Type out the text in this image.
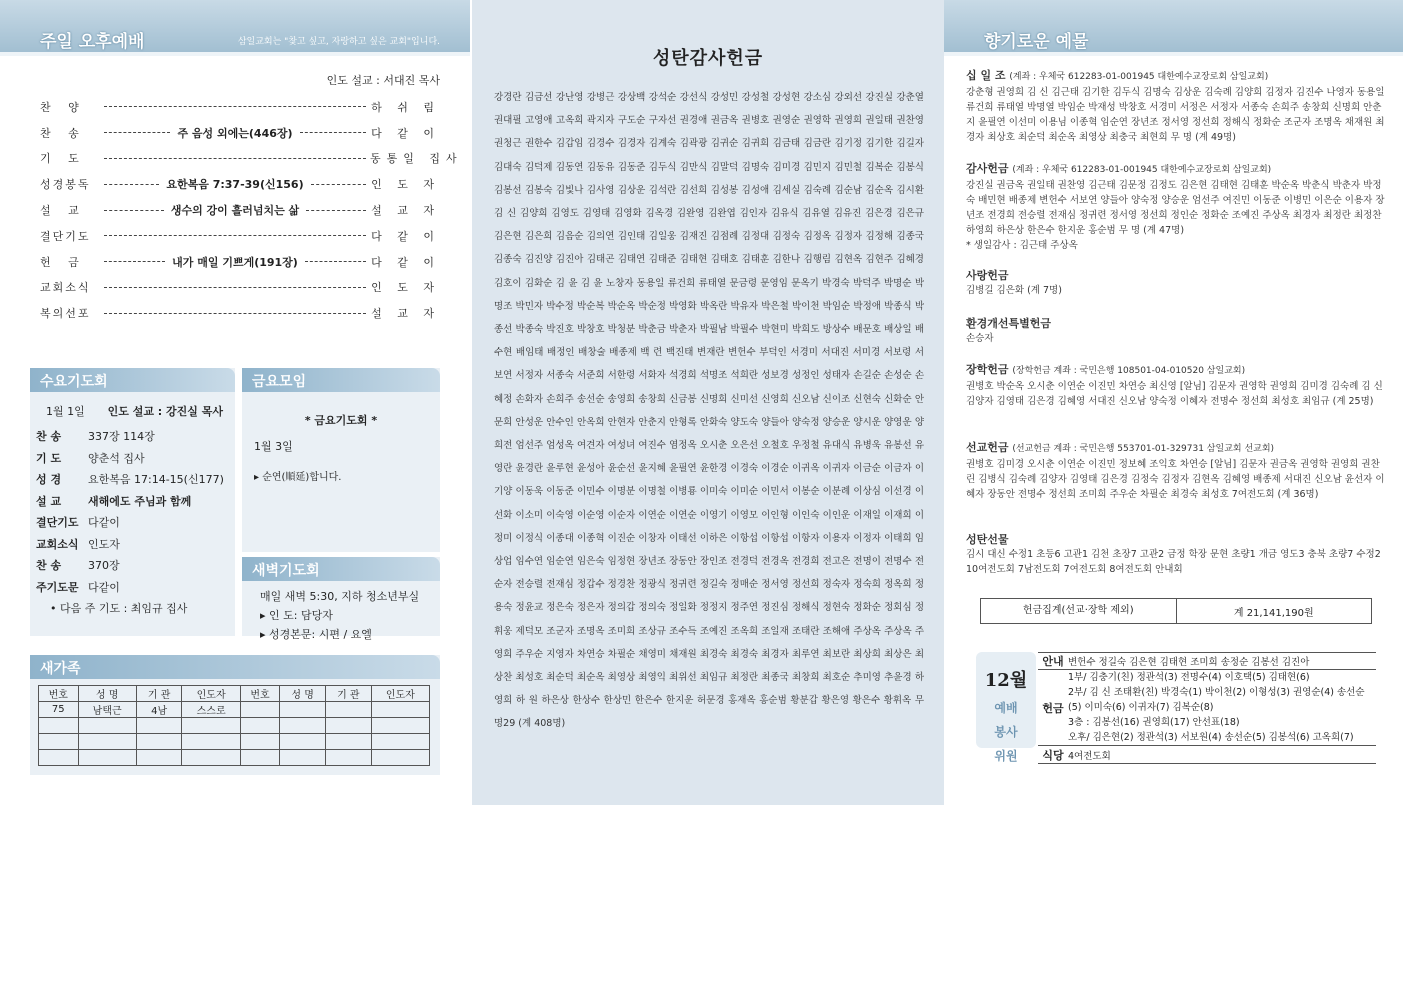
주일 오후예배	삼일교회는 "찾고 싶고, 자랑하고 싶은 교회"입니다.
인도 설교 : 서대진 목사
찬 양	하 쉬 림
찬 송	주 음성 외에는(446장)	다 같 이
기 도	동통일 집사
성경봉독	요한복음 7:37-39(신156)	인 도 자
설 교	생수의 강이 흘러넘치는 삶	설 교 자
결단기도	다 같 이
헌 금	내가 매일 기쁘게(191장)	다 같 이
교회소식	인 도 자
복의선포	설 교 자
수요기도회
1월 1일 인도 설교 : 강진실 목사
찬 송	337장 114장
기 도	양춘석 집사
성 경	요한복음 17:14-15(신177)
설 교	새해에도 주님과 함께
결단기도 다같이
교회소식 인도자
찬 송	370장
주기도문 다같이
• 다음 주 기도 : 최임규 집사
금요모임
* 금요기도회 *
1월 3일
▸ 순연(順延)합니다.
새벽기도회
매일 새벽 5:30, 지하 청소년부실
▸ 인 도: 담당자
▸ 성경본문: 시편 / 요엘
새가족
번호	성 명	기 관	인도자	번호	성 명	기 관	인도자
75	남택근	4남	스스로				

성탄감사헌금
강경란 김금선 강난영 강병근 강상백 강석순 강선식 강성민 강성철 강성현 강소심 강외선 강진실 강춘열 권대필 고영애 고옥희 곽지자 구도순 구자선 권경애 권금옥 권병호 권영순 권영학 권영희 권일태 권찬영 권청근 권한수 김갑임 김경수 김경자 김계숙 김곽광 김귀순 김귀희 김금태 김금란 김기정 김기한 김길자 김대숙 김덕제 김동연 김동유 김동준 김두식 김만식 김말덕 김명숙 김미경 김민지 김민철 김복순 김봉식 김봉선 김봉숙 김빛나 김사영 김상운 김석란 김선희 김성봉 김성애 김세실 김숙례 김순남 김순옥 김시환 김 신 김양희 김영도 김영태 김영화 김옥경 김완영 김완엽 김인자 김유식 김유열 김유진 김은경 김은규 김은현 김은희 김음순 김의연 김인태 김일웅 김재진 김점례 김정대 김정숙 김정옥 김정자 김정해 김종국 김종숙 김진양 김진아 김태곤 김태연 김태준 김태현 김태호 김태훈 김한나 김행림 김현옥 김현주 김혜경 김호이 김화순 김 윤 김 윤 노창자 동용일 류건희 류태열 문금령 문영임 문옥기 박경숙 박덕주 박명순 박명조 박민자 박수정 박순복 박순옥 박순정 박영화 박옥란 박유자 박은철 박이천 박임순 박정애 박종식 박종선 박종숙 박진호 박창호 박청분 박춘금 박춘자 박필남 박필수 박현미 박희도 방상수 배문호 배상일 배수현 배임태 배정인 배창술 배종제 백 련 백진태 변재란 변헌수 부덕인 서경미 서대진 서미경 서보령 서보연 서정자 서종숙 서준희 서한령 서화자 석경희 석명조 석희란 성보경 성정인 성태자 손길순 손성순 손혜정 손화자 손희주 송선순 송영희 송창희 신금봉 신명희 신미선 신영희 신오남 신이조 신현숙 신화순 안문희 안성운 안수인 안옥희 안현자 안춘지 안형록 안화숙 양도숙 양들아 양숙정 양승운 양시운 양영운 양희전 엄선주 엄성옥 여견자 여성녀 여진수 염정옥 오시춘 오은선 오철호 우정철 유대식 유병욱 유봉선 유영란 윤경란 윤루현 윤성아 윤순선 윤지혜 윤필연 윤한경 이경숙 이경순 이귀옥 이귀자 이금순 이금자 이기양 이동욱 이동준 이민수 이명분 이명철 이병룡 이미숙 이미순 이민서 이봉순 이분례 이상심 이선경 이선화 이소미 이숙영 이순영 이순자 이연순 이연순 이영기 이영모 이인형 이인숙 이인운 이재일 이재희 이정미 이정식 이종대 이종혁 이진순 이창자 이태선 이하은 이항섭 이항섭 이항자 이용자 이정자 이태희 임상업 임수연 임순연 임은숙 임정현 장년조 장동안 장인조 전경덕 전경옥 전경희 전고은 전명이 전명수 전순자 전승렬 전재심 정갑수 정경찬 정광식 정귀련 정길숙 정매순 정서영 정선희 정숙자 정숙희 정옥희 정용숙 정윤교 정은숙 정은자 정의갑 정의숙 정일화 정정지 정주연 정진심 정해식 정현숙 정화순 정회심 정휘웅 제덕모 조군자 조명옥 조미희 조상규 조수득 조예진 조옥희 조일재 조태란 조해애 주상옥 주상옥 주영희 주우순 지영자 차연승 차필순 채영미 채재원 최경숙 최경숙 최경자 최루연 최보란 최상희 최상은 최상찬 최성호 최순덕 최순옥 최영상 최영익 최위선 최임규 최정란 최종국 최창희 최호순 추미영 추윤경 하영희 하 원 하은상 한상수 한상민 한은수 한지운 허문경 홍재옥 홍순범 황분갑 황은영 황은수 황휘옥 무명29 (계 408명)
향기로운 예물
십 일 조 (계좌 : 우체국 612283-01-001945 대한예수교장로회 삼일교회)
강춘형 권영희 김 신 김근태 김기한 김두식 김명숙 김상운 김숙례 김양희 김정자 김진수 나영자 동용일 류건희 류태열 박명열 박임순 박재성 박창호 서경미 서정은 서정자 서종숙 손희주 송창희 신명희 안춘지 윤필연 이선미 이용님 이종혁 임순연 장년조 정서영 정선희 정해식 정화순 조군자 조명옥 채재원 최경자 최상호 최순덕 최순옥 최영상 최충국 최현희 무 명 (계 49명)
감사헌금 (계좌 : 우체국 612283-01-001945 대한예수교장로회 삼일교회)
강진실 권금옥 권일태 권찬영 김근태 김문정 김정도 김은현 김태현 김태훈 박순옥 박춘식 박춘자 박정숙 배민현 배종제 변헌수 서보연 양들아 양숙정 양승운 엄선주 여진민 이동준 이병민 이은순 이용자 장년조 전경희 전승렬 전재심 정귀련 정서영 정선희 정인순 정화순 조예진 주상옥 최경자 최정란 최정찬 하영희 하은상 한은수 한지운 홍순범 무 명 (계 47명)
* 생일감사 : 김근태 주상옥
사랑헌금
김병길 김은화 (계 7명)
환경개선특별헌금
손승자
장학헌금 (장학헌금 계좌 : 국민은행 108501-04-010520 삼일교회)
권병호 박순옥 오시춘 이연순 이진민 차연승 최신영 [알님] 김문자 권영학 권영희 김미경 김숙례 김 신 김양자 김영태 김은경 김혜영 서대진 신오남 양숙정 이혜자 전명수 정선희 최성호 최임규 (계 25명)
선교헌금 (선교헌금 계좌 : 국민은행 553701-01-329731 삼일교회 선교회)
권병호 김미경 오시춘 이연순 이진민 정보혜 조익호 차연승 [알님] 김문자 권금옥 권영학 권영희 권찬린 김병식 김숙례 김양자 김영태 김은경 김정숙 김정자 김현옥 김혜영 배종제 서대진 신오남 윤선자 이혜자 장동안 전명수 정선희 조미희 주우순 차필순 최경숙 최성호 7여전도회 (계 36명)
성탄선물
김시 대신 수정1 초등6 고관1 김천 초장7 고관2 금정 학장 문현 초량1 개금 영도3 충북 초량7 수정2 10여전도회 7남전도회 7여전도회 8여전도회 안내회
헌금집계(선교·장학 제외)	계 21,141,190원
12월
예배
봉사
위원
안내 변헌수 정길숙 김은현 김태현 조미희 송정순 김봉선 김진아
헌금
1부/ 김충기(친) 정관석(3) 전명수(4) 이호택(5) 김태현(6)
2부/ 김 신 조태환(친) 박경숙(1) 박이천(2) 이형성(3) 권영순(4) 송선순(5) 이미숙(6) 이귀자(7) 김복순(8)
3층 : 김봉선(16) 권영희(17) 안선표(18)
오후/ 김은현(2) 정관석(3) 서보원(4) 송선순(5) 김봉석(6) 고옥희(7)
식당 4여전도회
